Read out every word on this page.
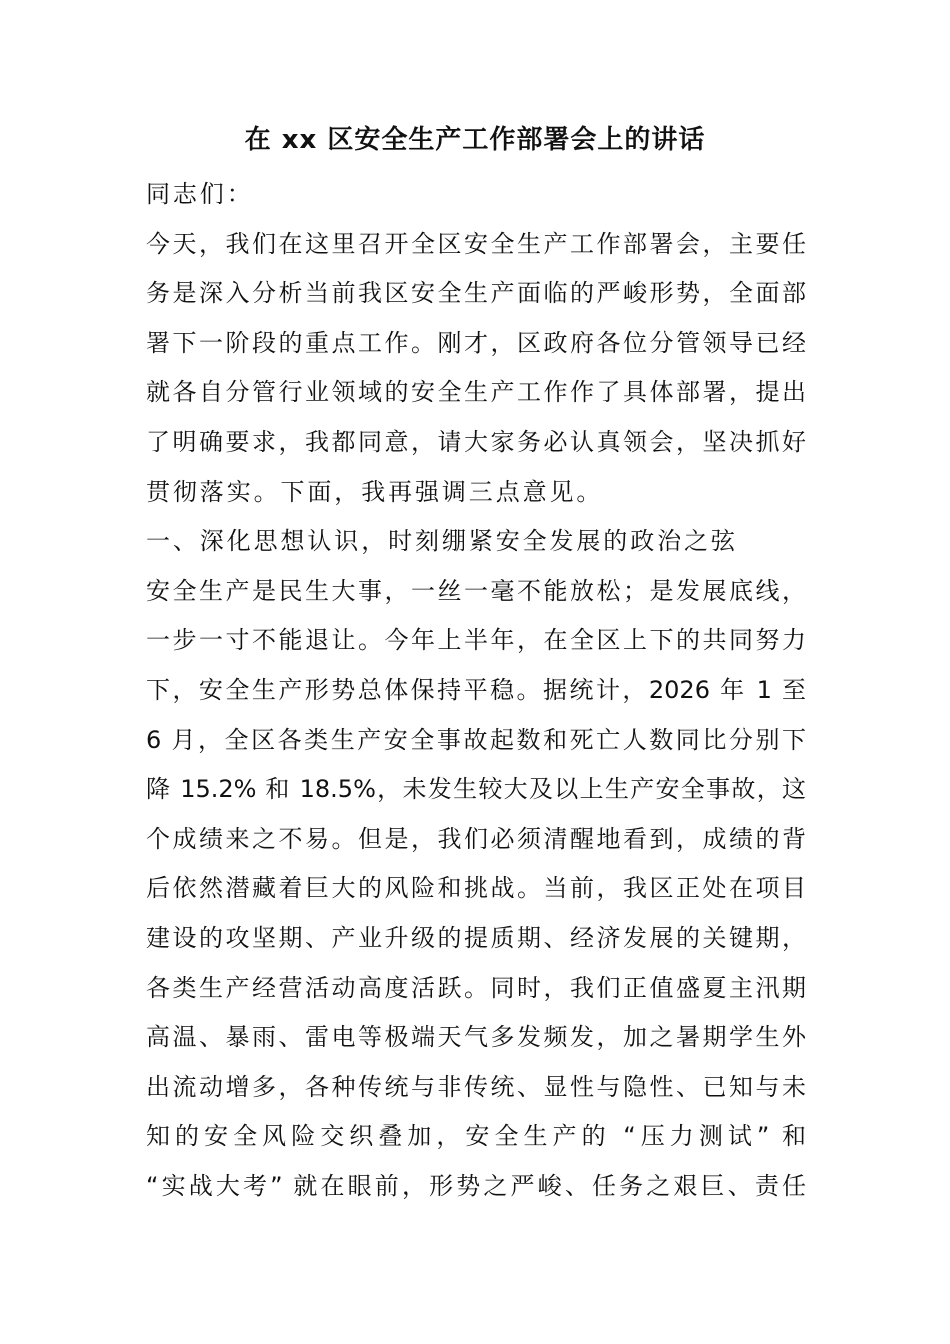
在 xx 区安全生产工作部署会上的讲话
同志们：
今天，我们在这里召开全区安全生产工作部署会，主要任
务是深入分析当前我区安全生产面临的严峻形势，全面部
署下一阶段的重点工作。刚才，区政府各位分管领导已经
就各自分管行业领域的安全生产工作作了具体部署，提出
了明确要求，我都同意，请大家务必认真领会，坚决抓好
贯彻落实。下面，我再强调三点意见。
一、深化思想认识，时刻绷紧安全发展的政治之弦
安全生产是民生大事，一丝一毫不能放松；是发展底线，
一步一寸不能退让。今年上半年，在全区上下的共同努力
下，安全生产形势总体保持平稳。据统计，2026 年 1 至
6 月，全区各类生产安全事故起数和死亡人数同比分别下
降 15.2% 和 18.5%，未发生较大及以上生产安全事故，这
个成绩来之不易。但是，我们必须清醒地看到，成绩的背
后依然潜藏着巨大的风险和挑战。当前，我区正处在项目
建设的攻坚期、产业升级的提质期、经济发展的关键期，
各类生产经营活动高度活跃。同时，我们正值盛夏主汛期
高温、暴雨、雷电等极端天气多发频发，加之暑期学生外
出流动增多，各种传统与非传统、显性与隐性、已知与未
知的安全风险交织叠加，安全生产的 “压力测试” 和
“实战大考” 就在眼前，形势之严峻、任务之艰巨、责任
